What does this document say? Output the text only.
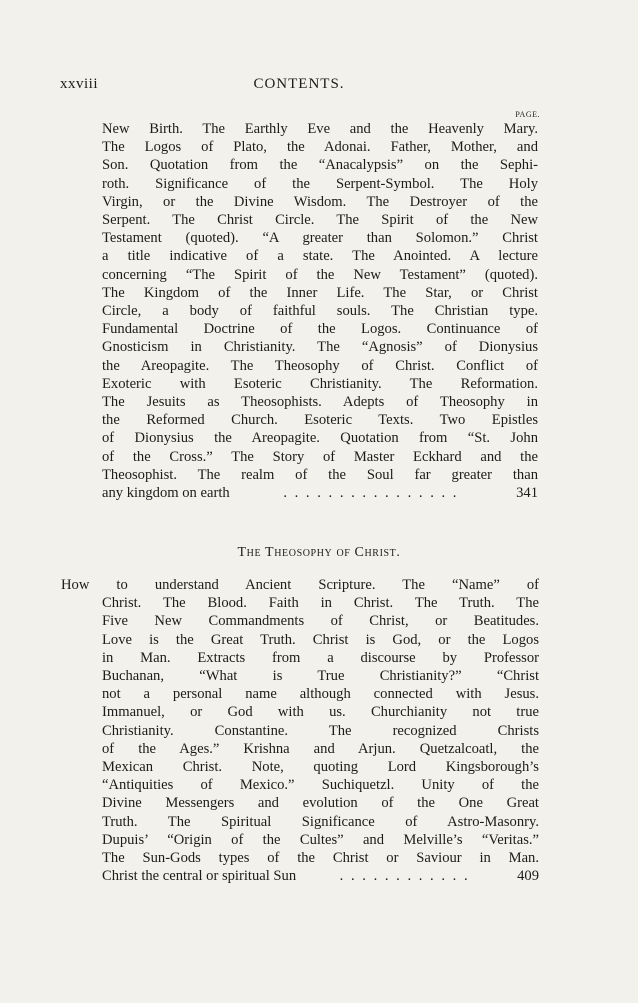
xxviii	CONTENTS.
PAGE.
New Birth. The Earthly Eve and the Heavenly Mary.
The Logos of Plato, the Adonai. Father, Mother, and
Son. Quotation from the “Anacalypsis” on the Sephi-
roth. Significance of the Serpent-Symbol. The Holy
Virgin, or the Divine Wisdom. The Destroyer of the
Serpent. The Christ Circle. The Spirit of the New
Testament (quoted). “A greater than Solomon.” Christ
a title indicative of a state. The Anointed. A lecture
concerning “The Spirit of the New Testament” (quoted).
The Kingdom of the Inner Life. The Star, or Christ
Circle, a body of faithful souls. The Christian type.
Fundamental Doctrine of the Logos. Continuance of
Gnosticism in Christianity. The “Agnosis” of Dionysius
the Areopagite. The Theosophy of Christ. Conflict of
Exoteric with Esoteric Christianity. The Reformation.
The Jesuits as Theosophists. Adepts of Theosophy in
the Reformed Church. Esoteric Texts. Two Epistles
of Dionysius the Areopagite. Quotation from “St. John
of the Cross.” The Story of Master Eckhard and the
Theosophist. The realm of the Soul far greater than
any kingdom on earth	. . . . . . . . . . . . . . . .	341
The Theosophy of Christ.
How to understand Ancient Scripture. The “Name” of
Christ. The Blood. Faith in Christ. The Truth. The
Five New Commandments of Christ, or Beatitudes.
Love is the Great Truth. Christ is God, or the Logos
in Man. Extracts from a discourse by Professor
Buchanan, “What is True Christianity?” “Christ
not a personal name although connected with Jesus.
Immanuel, or God with us. Churchianity not true
Christianity. Constantine. The recognized Christs
of the Ages.” Krishna and Arjun. Quetzalcoatl, the
Mexican Christ. Note, quoting Lord Kingsborough’s
“Antiquities of Mexico.” Suchiquetzl. Unity of the
Divine Messengers and evolution of the One Great
Truth. The Spiritual Significance of Astro-Masonry.
Dupuis’ “Origin of the Cultes” and Melville’s “Veritas.”
The Sun-Gods types of the Christ or Saviour in Man.
Christ the central or spiritual Sun	. . . . . . . . . . . .	409
